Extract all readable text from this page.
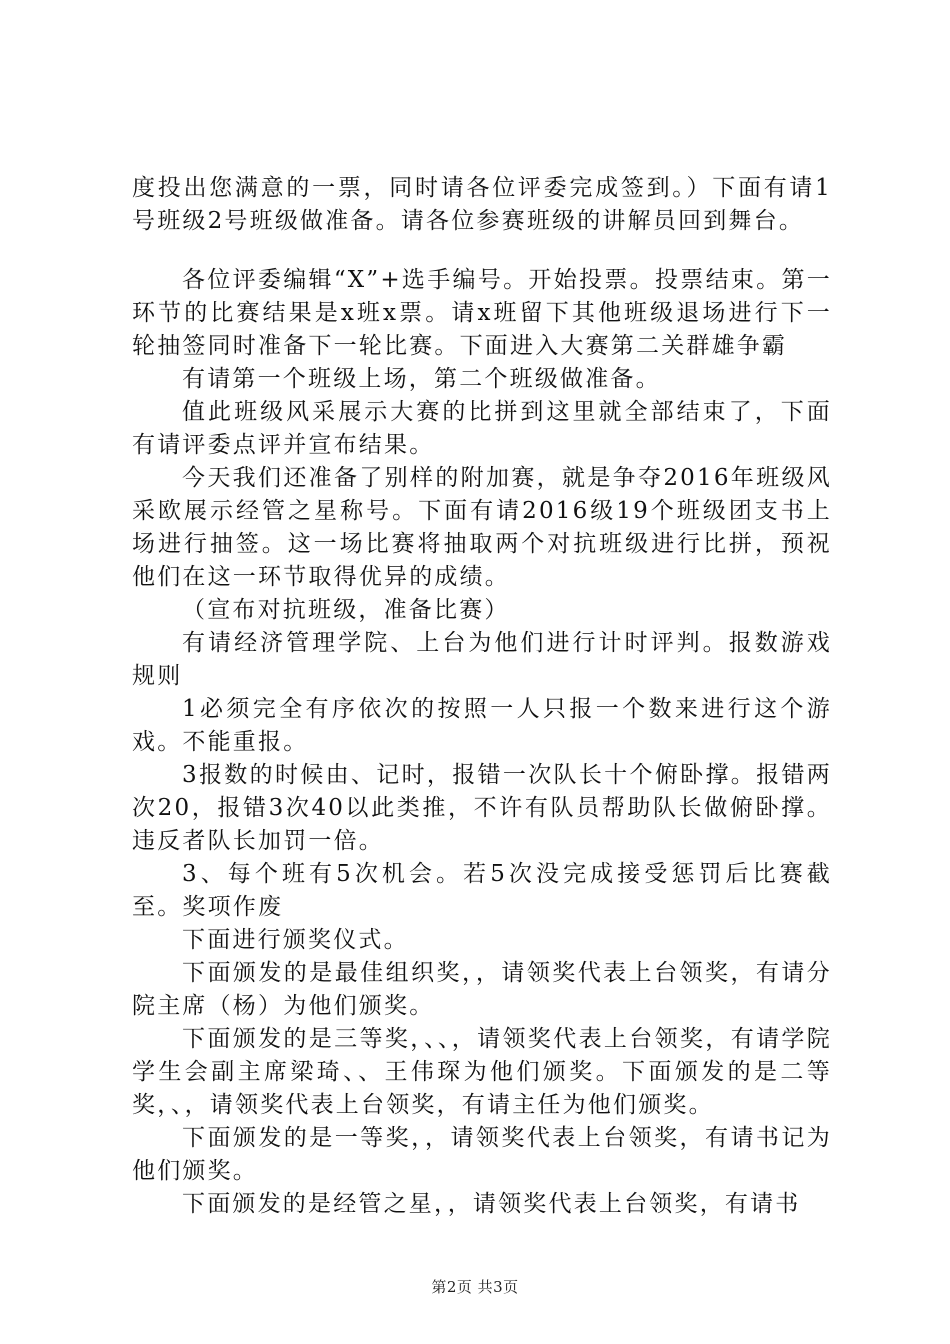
度投出您满意的一票，同时请各位评委完成签到。）下面有请1号班级2号班级做准备。请各位参赛班级的讲解员回到舞台。

各位评委编辑“X”+选手编号。开始投票。投票结束。第一环节的比赛结果是x班x票。请x班留下其他班级退场进行下一轮抽签同时准备下一轮比赛。下面进入大赛第二关群雄争霸

有请第一个班级上场，第二个班级做准备。

值此班级风采展示大赛的比拼到这里就全部结束了，下面有请评委点评并宣布结果。

今天我们还准备了别样的附加赛，就是争夺2016年班级风采欧展示经管之星称号。下面有请2016级19个班级团支书上场进行抽签。这一场比赛将抽取两个对抗班级进行比拼，预祝他们在这一环节取得优异的成绩。

（宣布对抗班级，准备比赛）

有请经济管理学院、上台为他们进行计时评判。报数游戏规则

1必须完全有序依次的按照一人只报一个数来进行这个游戏。不能重报。

3报数的时候由、记时，报错一次队长十个俯卧撑。报错两次20，报错3次40以此类推，不许有队员帮助队长做俯卧撑。违反者队长加罚一倍。

3、每个班有5次机会。若5次没完成接受惩罚后比赛截至。奖项作废

下面进行颁奖仪式。

下面颁发的是最佳组织奖，，请领奖代表上台领奖，有请分院主席（杨）为他们颁奖。

下面颁发的是三等奖，、、，请领奖代表上台领奖，有请学院学生会副主席梁琦、、王伟琛为他们颁奖。下面颁发的是二等奖，、，请领奖代表上台领奖，有请主任为他们颁奖。

下面颁发的是一等奖，，请领奖代表上台领奖，有请书记为他们颁奖。

下面颁发的是经管之星，，请领奖代表上台领奖，有请书

第2页 共3页
